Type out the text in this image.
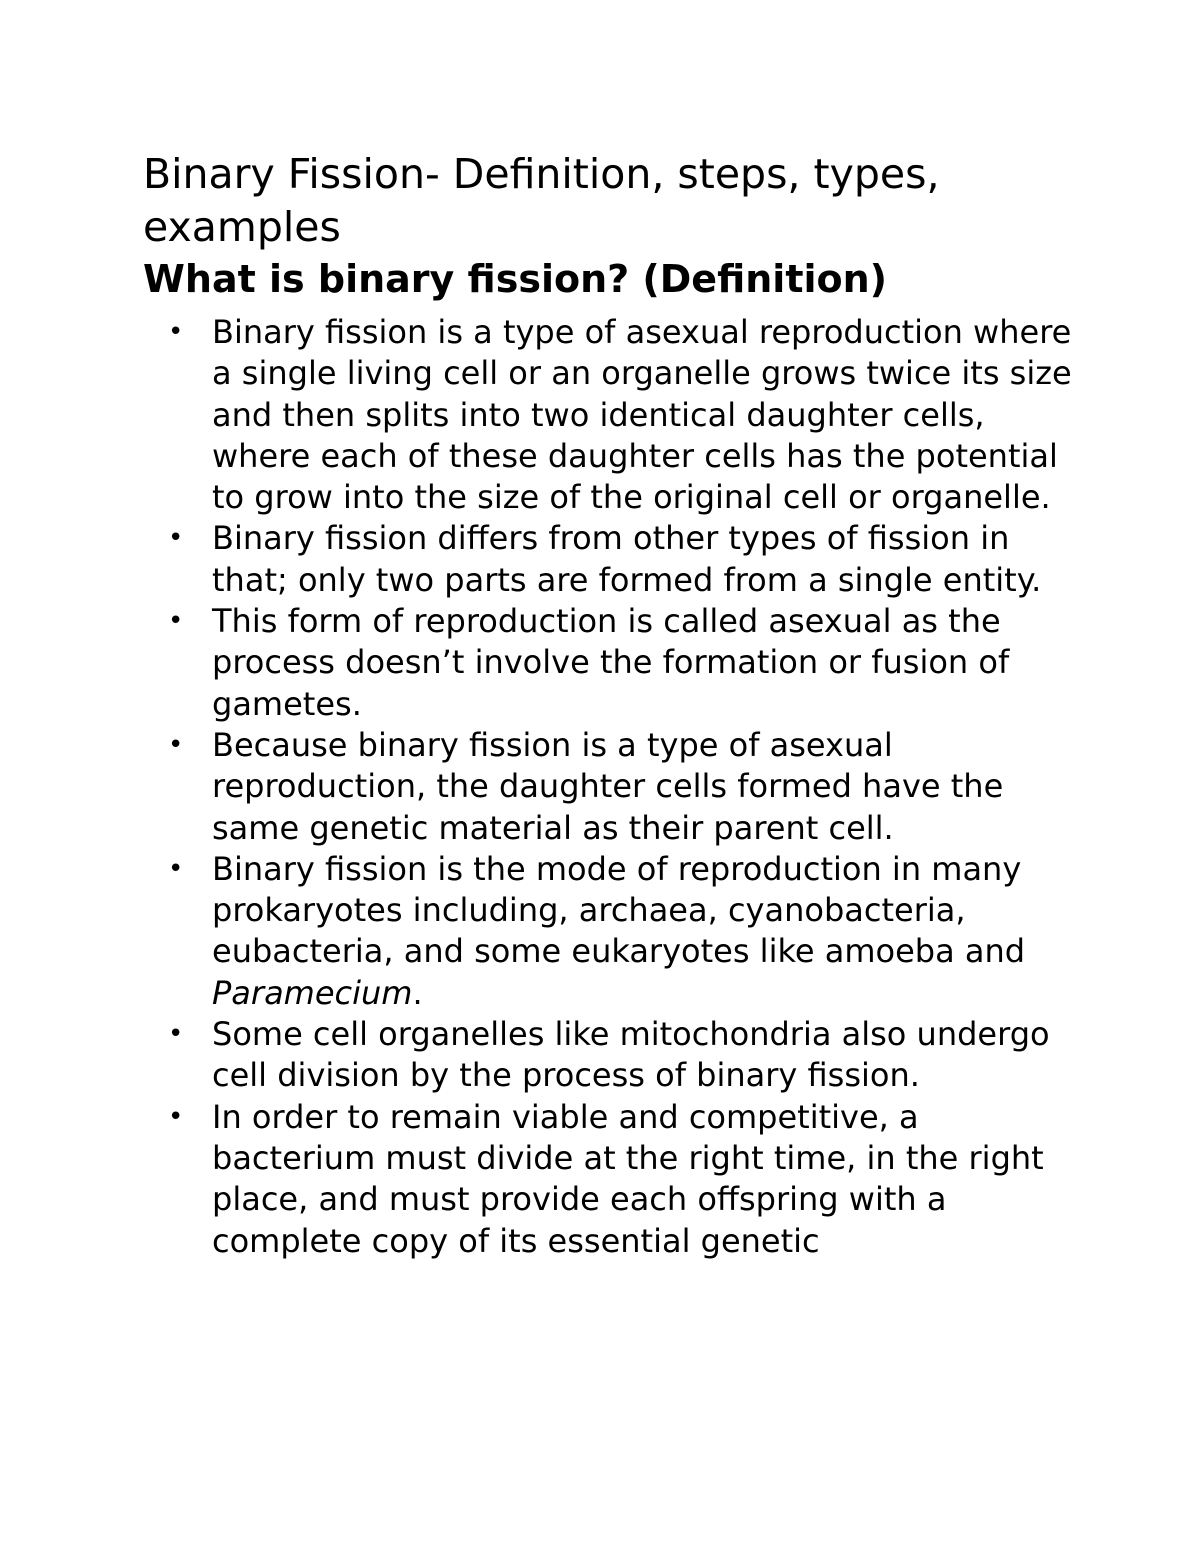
Binary Fission- Definition, steps, types, examples
What is binary fission? (Definition)
• Binary fission is a type of asexual reproduction where a single living cell or an organelle grows twice its size and then splits into two identical daughter cells, where each of these daughter cells has the potential to grow into the size of the original cell or organelle.
• Binary fission differs from other types of fission in that; only two parts are formed from a single entity.
• This form of reproduction is called asexual as the process doesn’t involve the formation or fusion of gametes.
• Because binary fission is a type of asexual reproduction, the daughter cells formed have the same genetic material as their parent cell.
• Binary fission is the mode of reproduction in many prokaryotes including, archaea, cyanobacteria, eubacteria, and some eukaryotes like amoeba and Paramecium.
• Some cell organelles like mitochondria also undergo cell division by the process of binary fission.
• In order to remain viable and competitive, a bacterium must divide at the right time, in the right place, and must provide each offspring with a complete copy of its essential genetic
